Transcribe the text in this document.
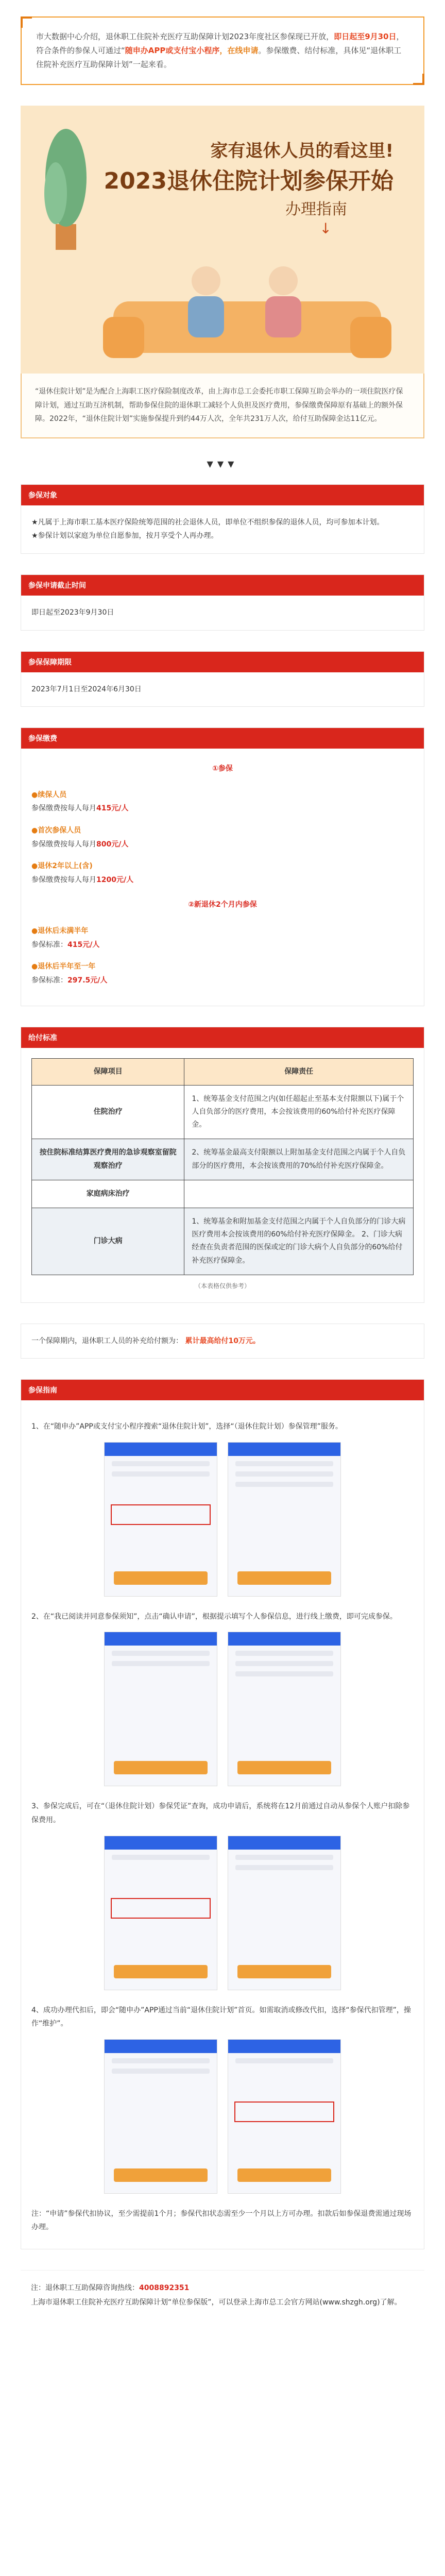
市大数据中心介绍，退休职工住院补充医疗互助保障计划2023年度社区参保现已开放，即日起至9月30日，符合条件的参保人可通过“随申办APP或支付宝小程序，在线申请。参保缴费、结付标准，具体见“退休职工住院补充医疗互助保障计划”一起来看。
家有退休人员的看这里!
2023退休住院计划参保开始
办理指南
↓
“退休住院计划”是为配合上海职工医疗保险制度改革，由上海市总工会委托市职工保障互助会举办的一项住院医疗保障计划，通过互助互济机制，帮助参保住院的退休职工减轻个人负担及医疗费用，参保缴费保障原有基础上的额外保障。2022年，“退休住院计划”实施参保提升到约44万人次，全年共231万人次，给付互助保障金达11亿元。
▼▼▼
参保对象

★凡属于上海市职工基本医疗保险统筹范围的社会退休人员，即单位不组织参保的退休人员，均可参加本计划。

★参保计划以家庭为单位自愿参加，按月享受个人再办理。

参保申请截止时间
即日起至2023年9月30日
参保保障期限
2023年7月1日至2024年6月30日
参保缴费
①参保
●续保人员
参保缴费按每人每月415元/人
●首次参保人员
参保缴费按每人每月800元/人
●退休2年以上(含)
参保缴费按每人每月1200元/人
②新退休2个月内参保
●退休后未满半年
参保标准：415元/人
●退休后半年至一年
参保标准：297.5元/人
给付标准
保障项目	保障责任
住院治疗	1、统筹基金支付范围之内(如任超起止至基本支付限额以下)属于个人自负部分的医疗费用，本会按该费用的60%给付补充医疗保障金。
按住院标准结算医疗费用的急诊观察室留院观察治疗	2、统筹基金最高支付限额以上附加基金支付范围之内属于个人自负部分的医疗费用，本会按该费用的70%给付补充医疗保障金。
家庭病床治疗	
门诊大病	1、统筹基金和附加基金支付范围之内属于个人自负部分的门诊大病医疗费用本会按该费用的60%给付补充医疗保障金。 2、门诊大病经查在负责者范围的医保或定的门诊大病个人自负部分的60%给付补充医疗保障金。
（本表格仅供参考）
一个保障期内，退休职工人员的补充给付额为： 累计最高给付10万元。
参保指南

1、在“随申办”APP或支付宝小程序搜索“退休住院计划”，选择“（退休住院计划）参保管理”服务。

2、在“我已阅读并同意参保须知”，点击“确认申请”，根据提示填写个人参保信息，进行线上缴费，即可完成参保。

3、参保完成后，可在“（退休住院计划）参保凭证”查询，成功申请后，系统将在12月前通过自动从参保个人账户扣除参保费用。

4、成功办理代扣后，即会“随申办”APP通过当前“退休住院计划”首页。如需取消或修改代扣，选择“参保代扣管理”，操作“维护”。

注：“申请”参保代扣协议，至少需提前1个月；参保代扣状态需至少一个月以上方可办理。扣款后如参保退费需通过现场办理。

注：退休职工互助保障咨询热线：4008892351
上海市退休职工住院补充医疗互助保障计划“单位参保版”，可以登录上海市总工会官方网站(www.shzgh.org)了解。
